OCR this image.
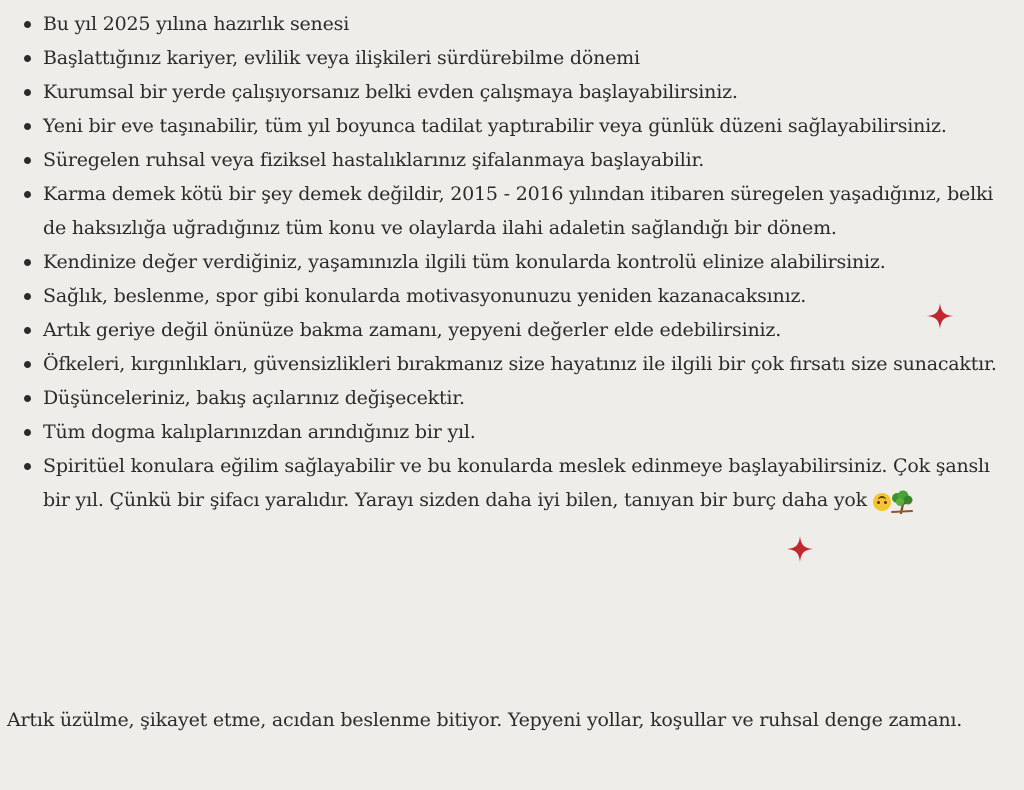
Bu yıl 2025 yılına hazırlık senesi
Başlattığınız kariyer, evlilik veya ilişkileri sürdürebilme dönemi
Kurumsal bir yerde çalışıyorsanız belki evden çalışmaya başlayabilirsiniz.
Yeni bir eve taşınabilir, tüm yıl boyunca tadilat yaptırabilir veya günlük düzeni sağlayabilirsiniz.
Süregelen ruhsal veya fiziksel hastalıklarınız şifalanmaya başlayabilir.
Karma demek kötü bir şey demek değildir, 2015 - 2016 yılından itibaren süregelen yaşadığınız, belki de haksızlığa uğradığınız tüm konu ve olaylarda ilahi adaletin sağlandığı bir dönem.
Kendinize değer verdiğiniz, yaşamınızla ilgili tüm konularda kontrolü elinize alabilirsiniz.
Sağlık, beslenme, spor gibi konularda motivasyonunuzu yeniden kazanacaksınız.
Artık geriye değil önünüze bakma zamanı, yepyeni değerler elde edebilirsiniz.
Öfkeleri, kırgınlıkları, güvensizlikleri bırakmanız size hayatınız ile ilgili bir çok fırsatı size sunacaktır.
Düşünceleriniz, bakış açılarınız değişecektir.
Tüm dogma kalıplarınızdan arındığınız bir yıl.
Spiritüel konulara eğilim sağlayabilir ve bu konularda meslek edinmeye başlayabilirsiniz. Çok şanslı bir yıl. Çünkü bir şifacı yaralıdır. Yarayı sizden daha iyi bilen, tanıyan bir burç daha yok

Artık üzülme, şikayet etme, acıdan beslenme bitiyor. Yepyeni yollar, koşullar ve ruhsal denge zamanı.
